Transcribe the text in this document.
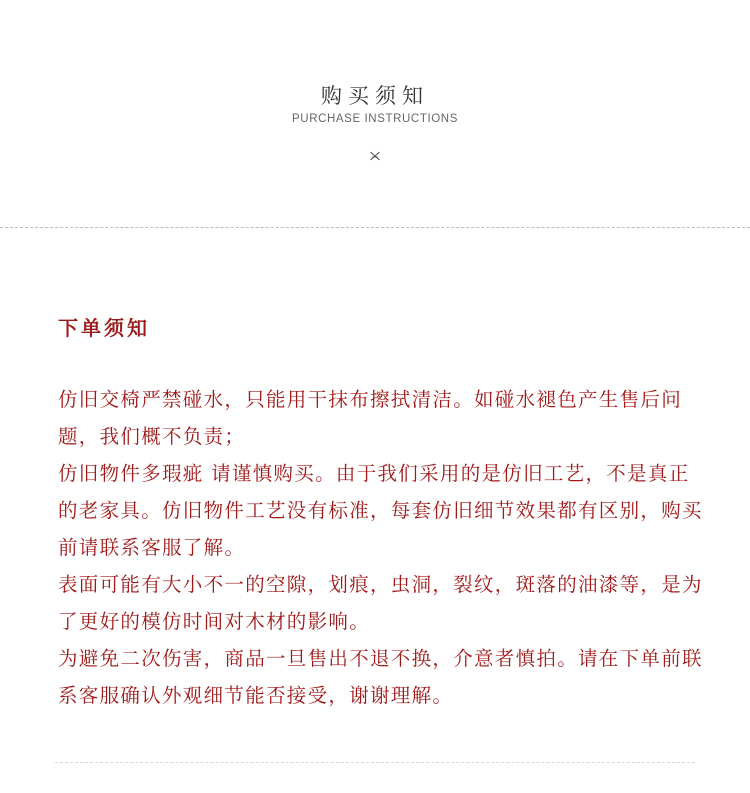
购买须知
PURCHASE INSTRUCTIONS
下单须知

仿旧交椅严禁碰水，只能用干抹布擦拭清洁。如碰水褪色产生售后问题，我们概不负责；

仿旧物件多瑕疵 请谨慎购买。由于我们采用的是仿旧工艺，不是真正的老家具。仿旧物件工艺没有标准，每套仿旧细节效果都有区别，购买前请联系客服了解。

表面可能有大小不一的空隙，划痕，虫洞，裂纹，斑落的油漆等，是为了更好的模仿时间对木材的影响。

为避免二次伤害，商品一旦售出不退不换，介意者慎拍。请在下单前联系客服确认外观细节能否接受，谢谢理解。
